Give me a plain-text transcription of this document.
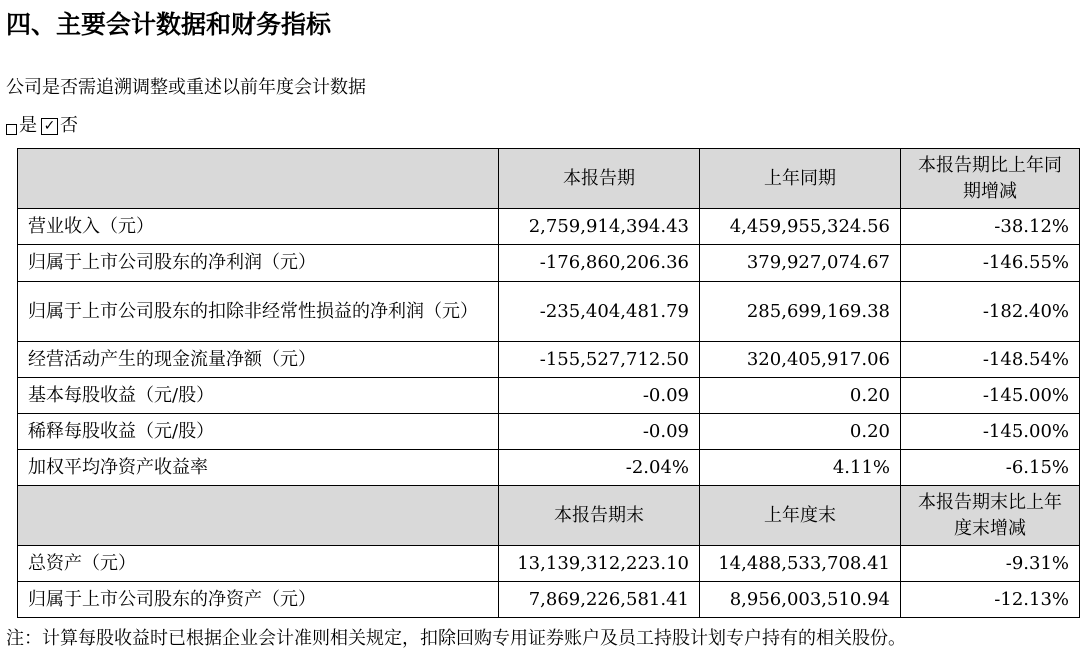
四、主要会计数据和财务指标
公司是否需追溯调整或重述以前年度会计数据
是 ✓ 否
	本报告期	上年同期	本报告期比上年同期增减
营业收入（元）	2,759,914,394.43	4,459,955,324.56	-38.12%
归属于上市公司股东的净利润（元）	-176,860,206.36	379,927,074.67	-146.55%
归属于上市公司股东的扣除非经常性损益的净利润（元）	-235,404,481.79	285,699,169.38	-182.40%
经营活动产生的现金流量净额（元）	-155,527,712.50	320,405,917.06	-148.54%
基本每股收益（元/股）	-0.09	0.20	-145.00%
稀释每股收益（元/股）	-0.09	0.20	-145.00%
加权平均净资产收益率	-2.04%	4.11%	-6.15%
	本报告期末	上年度末	本报告期末比上年度末增减
总资产（元）	13,139,312,223.10	14,488,533,708.41	-9.31%
归属于上市公司股东的净资产（元）	7,869,226,581.41	8,956,003,510.94	-12.13%
注：计算每股收益时已根据企业会计准则相关规定，扣除回购专用证券账户及员工持股计划专户持有的相关股份。
